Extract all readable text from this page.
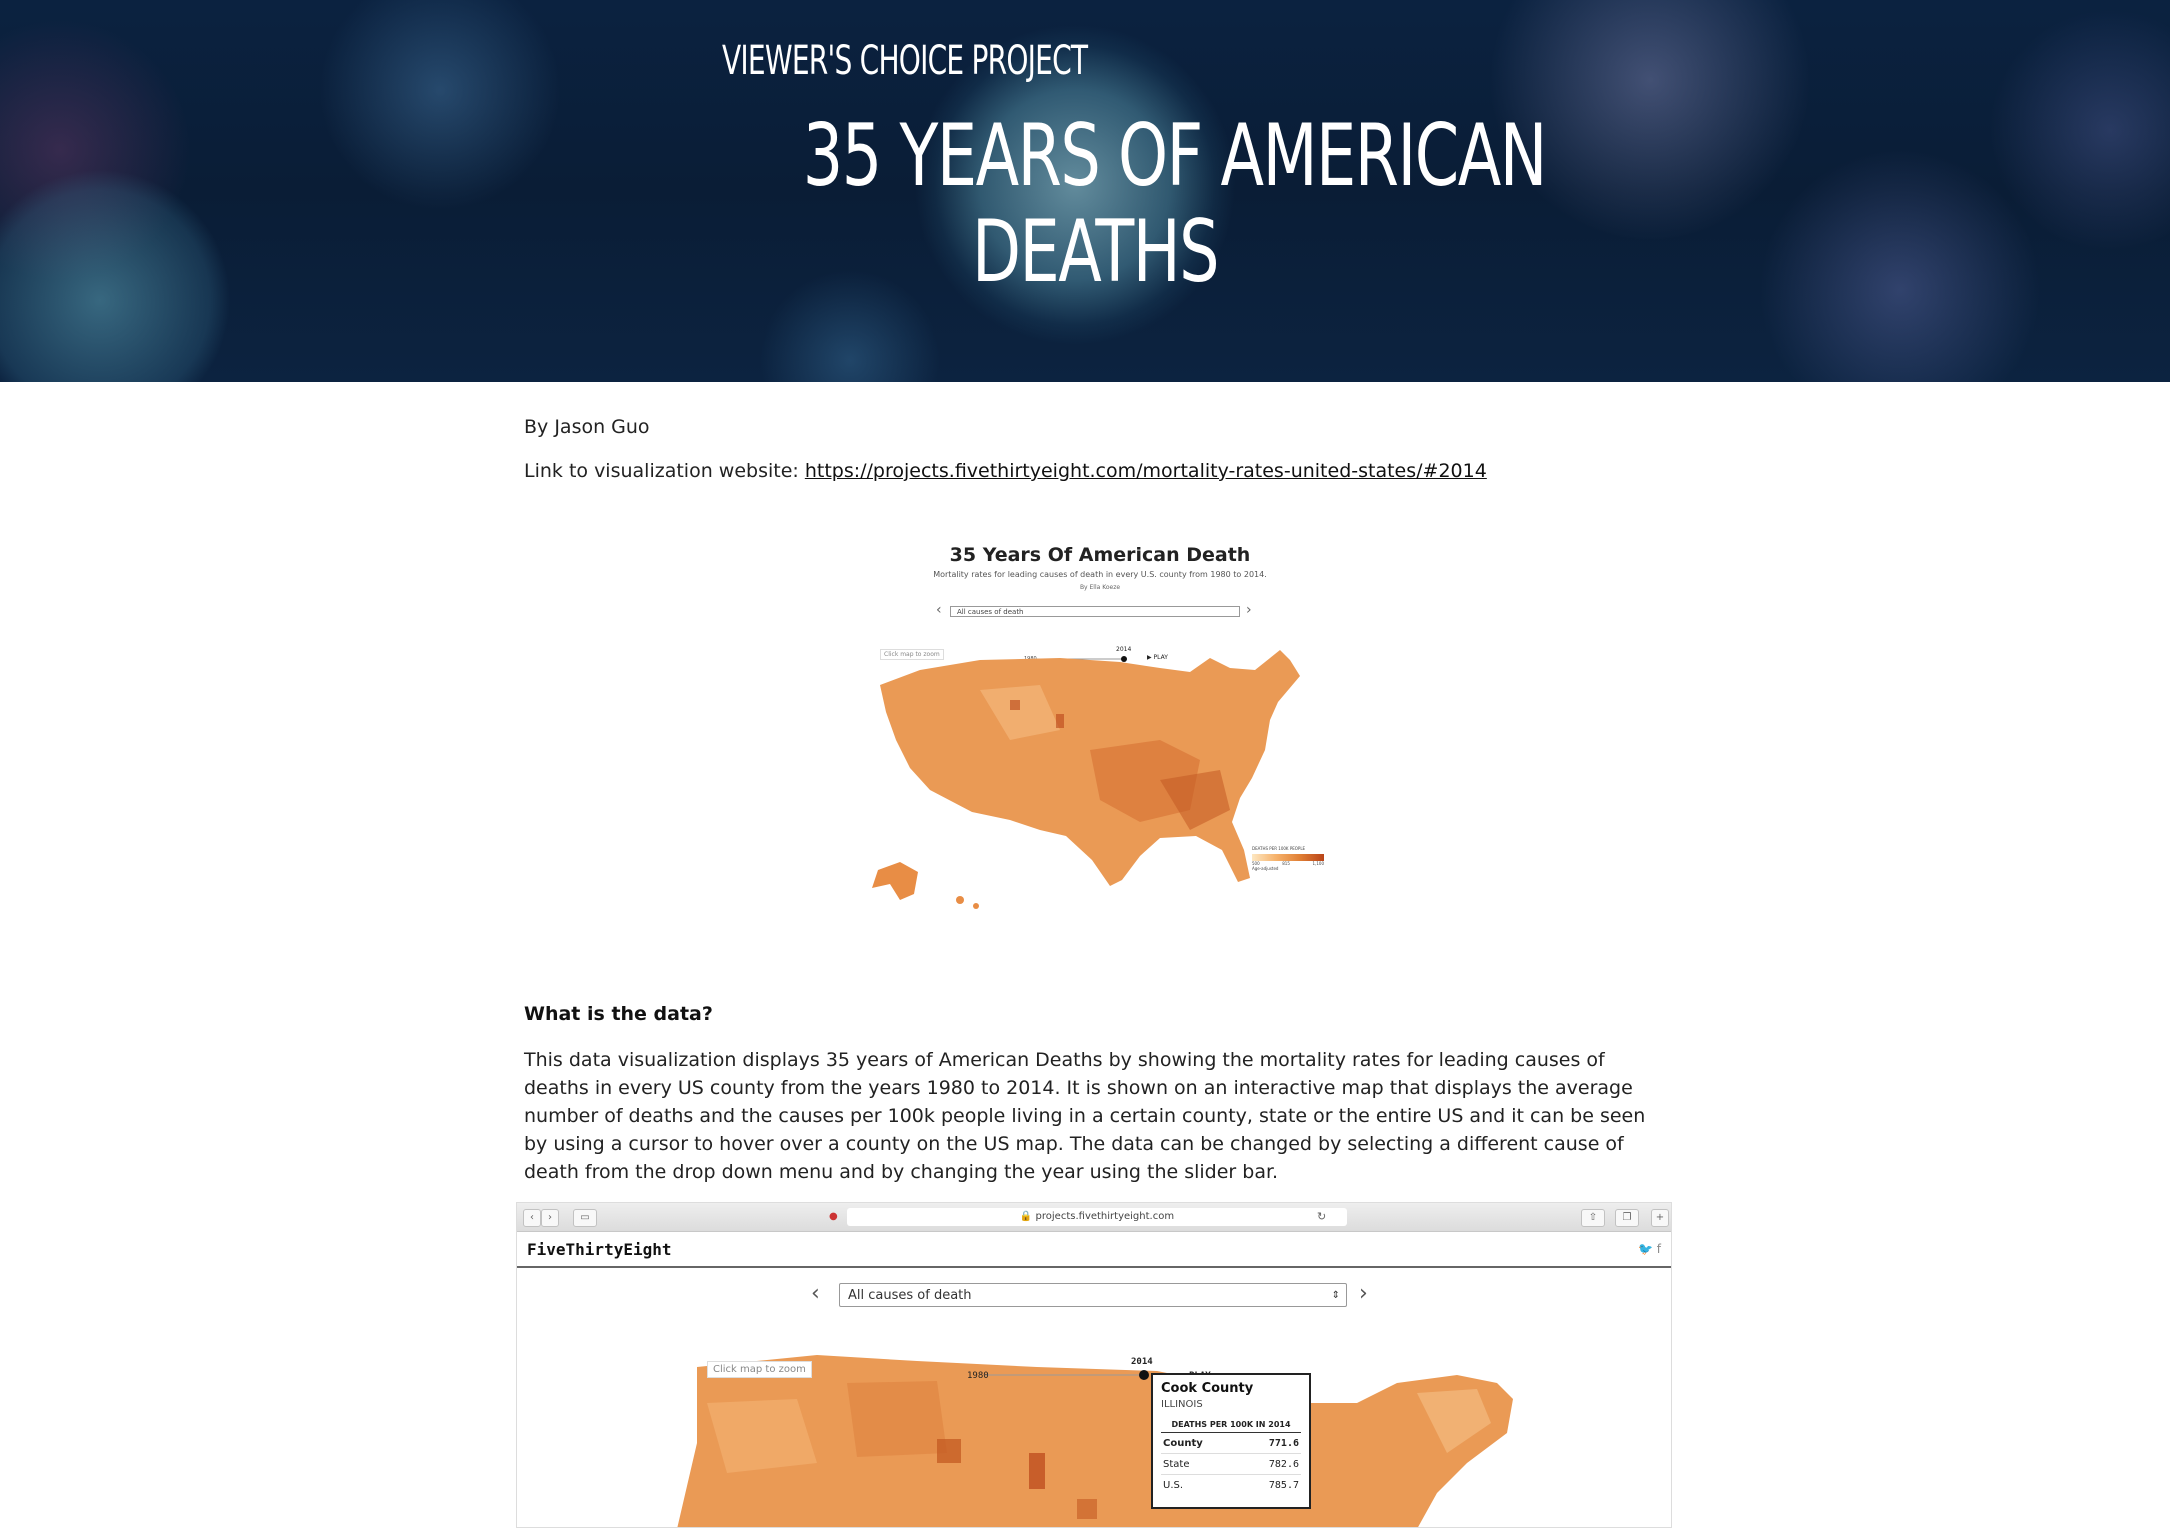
VIEWER'S CHOICE PROJECT
35 YEARS OF AMERICAN
DEATHS
By Jason Guo
Link to visualization website: https://projects.fivethirtyeight.com/mortality-rates-united-states/#2014
35 Years Of American Death
Mortality rates for leading causes of death in every U.S. county from 1980 to 2014.
By Ella Koeze
‹	All causes of death	›
Click map to zoom
2014
▶ PLAY
DEATHS PER 100K PEOPLE
500	815	1,100
Age-adjusted
What is the data?
This data visualization displays 35 years of American Deaths by showing the mortality rates for leading causes of deaths in every US county from the years 1980 to 2014. It is shown on an interactive map that displays the average number of deaths and the causes per 100k people living in a certain county, state or the entire US and it can be seen by using a cursor to hover over a county on the US map. The data can be changed by selecting a different cause of death from the drop down menu and by changing the year using the slider bar.
‹	›	▭	●	🔒 projects.fivethirtyeight.com	↻	⇧	❐	+
FiveThirtyEight	🐦 f
‹	All causes of death	⇕ ›
Click map to zoom
1980
2014
Cook County
ILLINOIS
DEATHS PER 100K IN 2014
County	771.6
State	782.6
U.S.	785.7
